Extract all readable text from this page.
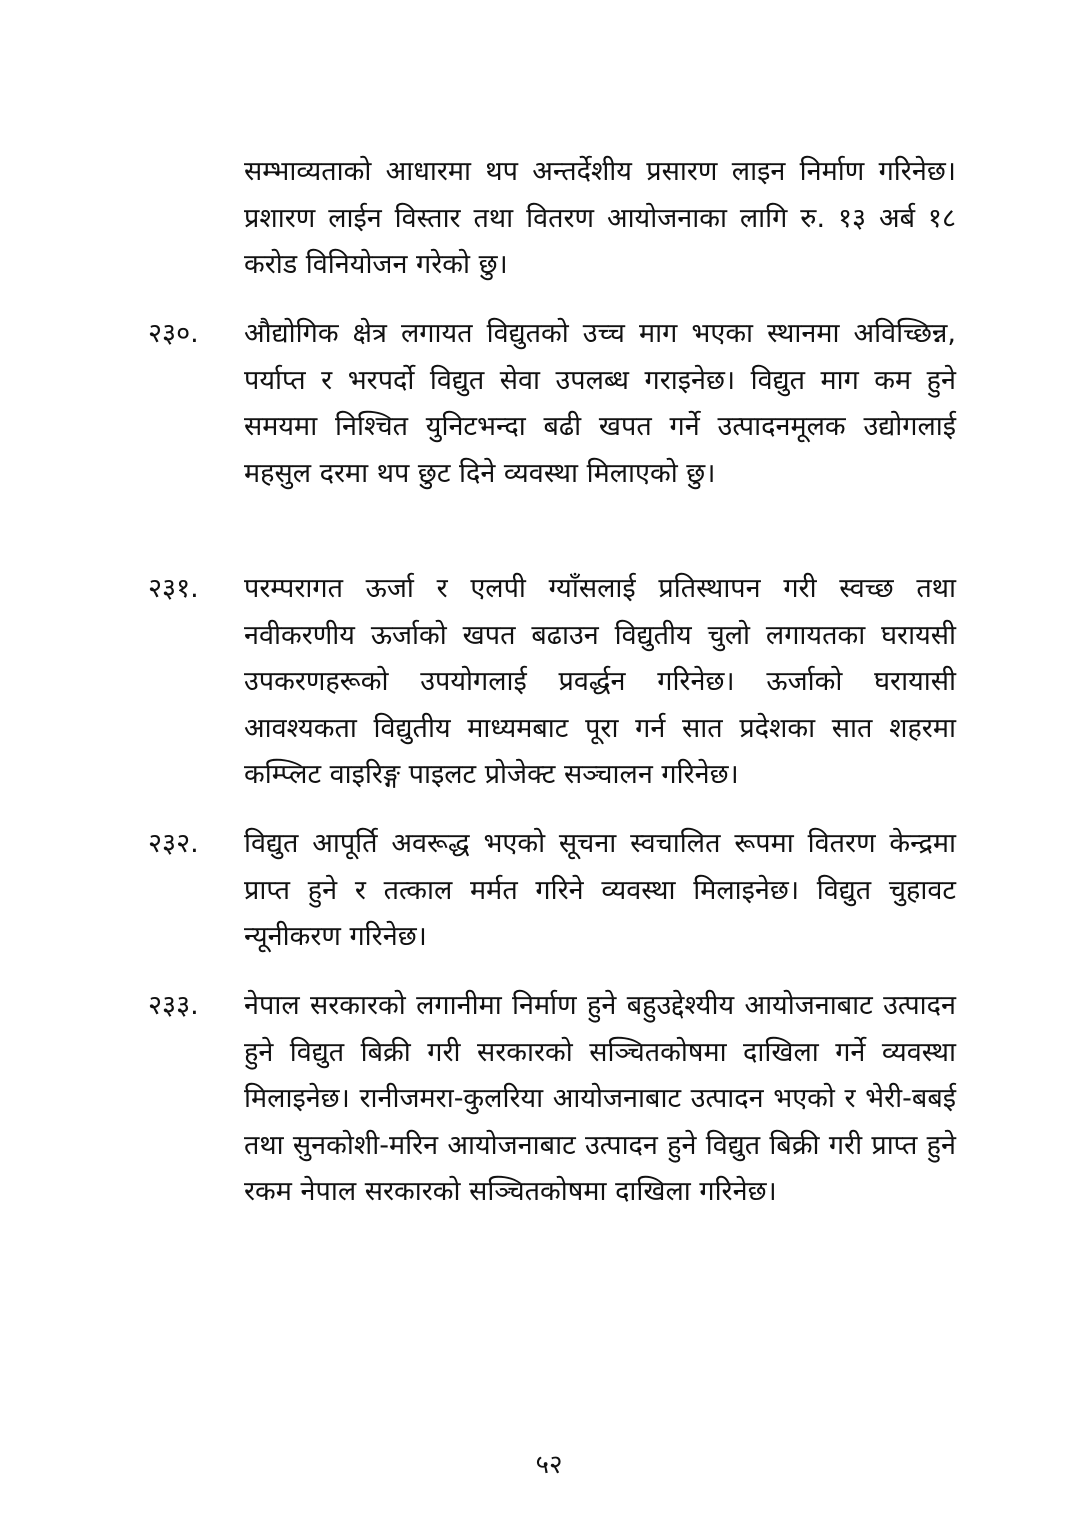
सम्भाव्यताको आधारमा थप अन्तर्देशीय प्रसारण लाइन निर्माण गरिनेछ।प्रशारण लाईन विस्तार तथा वितरण आयोजनाका लागि रु. १३ अर्ब १८ करोड विनियोजन गरेको छु।
२३०.	औद्योगिक क्षेत्र लगायत विद्युतको उच्च माग भएका स्थानमा अविच्छिन्न, पर्याप्त र भरपर्दो विद्युत सेवा उपलब्ध गराइनेछ। विद्युत माग कम हुने समयमा निश्चित युनिटभन्दा बढी खपत गर्ने उत्पादनमूलक उद्योगलाई महसुल दरमा थप छुट दिने व्यवस्था मिलाएको छु।
२३१.	परम्परागत ऊर्जा र एलपी ग्याँसलाई प्रतिस्थापन गरी स्वच्छ तथा नवीकरणीय ऊर्जाको खपत बढाउन विद्युतीय चुलो लगायतका घरायसी उपकरणहरूको उपयोगलाई प्रवर्द्धन गरिनेछ। ऊर्जाको घरायासी आवश्यकता विद्युतीय माध्यमबाट पूरा गर्न सात प्रदेशका सात शहरमा कम्प्लिट वाइरिङ्ग पाइलट प्रोजेक्ट सञ्चालन गरिनेछ।
२३२.	विद्युत आपूर्ति अवरूद्ध भएको सूचना स्वचालित रूपमा वितरण केन्द्रमा प्राप्त हुने र तत्काल मर्मत गरिने व्यवस्था मिलाइनेछ। विद्युत चुहावट न्यूनीकरण गरिनेछ।
२३३.	नेपाल सरकारको लगानीमा निर्माण हुने बहुउद्देश्यीय आयोजनाबाट उत्पादन हुने विद्युत बिक्री गरी सरकारको सञ्चितकोषमा दाखिला गर्ने व्यवस्था मिलाइनेछ। रानीजमरा-कुलरिया आयोजनाबाट उत्पादन भएको र भेरी-बबई तथा सुनकोशी-मरिन आयोजनाबाट उत्पादन हुने विद्युत बिक्री गरी प्राप्त हुने रकम नेपाल सरकारको सञ्चितकोषमा दाखिला गरिनेछ।
५२
